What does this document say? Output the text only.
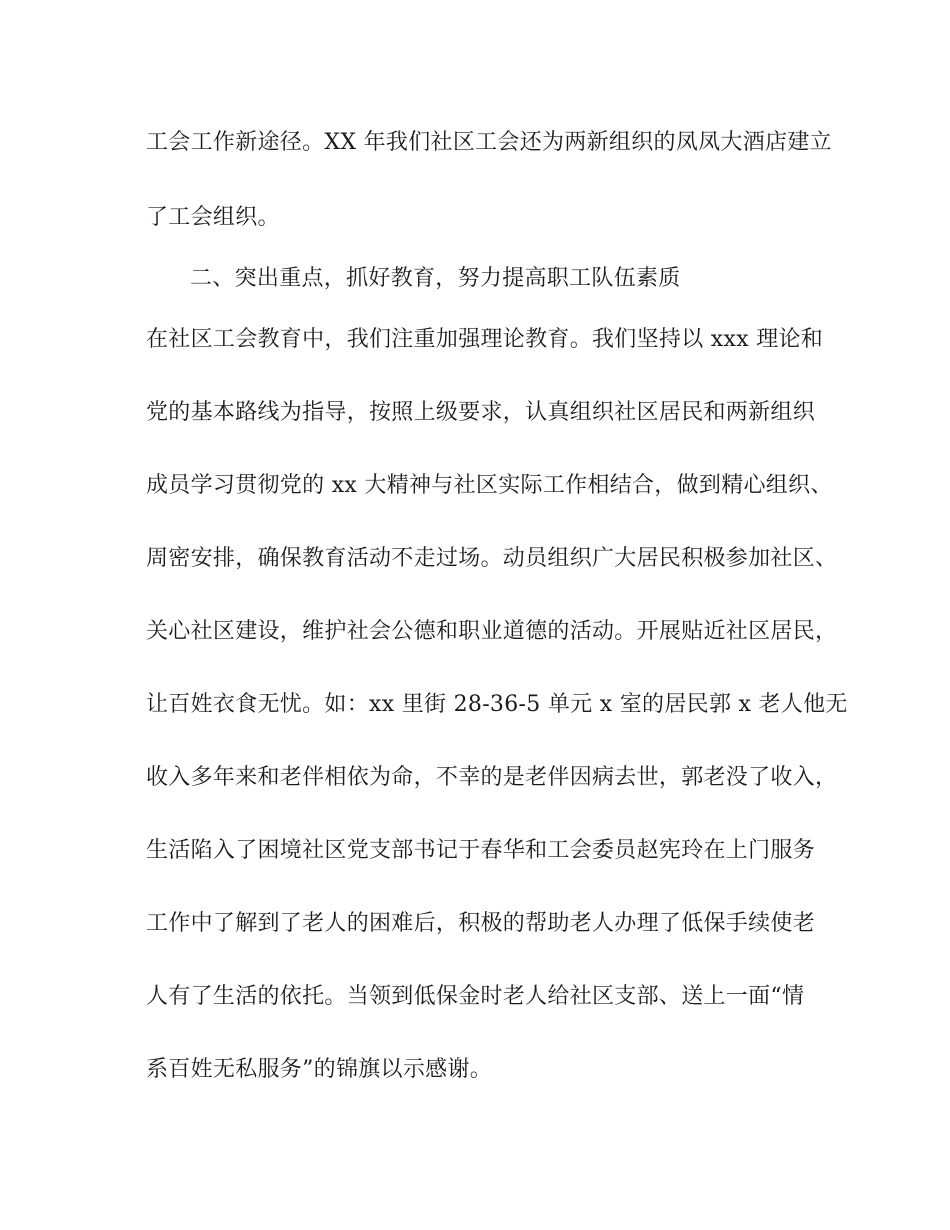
工会工作新途径。XX 年我们社区工会还为两新组织的凤凤大酒店建立

了工会组织。

二、突出重点，抓好教育，努力提高职工队伍素质

在社区工会教育中，我们注重加强理论教育。我们坚持以 xxx 理论和

党的基本路线为指导，按照上级要求，认真组织社区居民和两新组织

成员学习贯彻党的 xx 大精神与社区实际工作相结合，做到精心组织、

周密安排，确保教育活动不走过场。动员组织广大居民积极参加社区、

关心社区建设，维护社会公德和职业道德的活动。开展贴近社区居民，

让百姓衣食无忧。如：xx 里街 28-36-5 单元 x 室的居民郭 x 老人他无

收入多年来和老伴相依为命，不幸的是老伴因病去世，郭老没了收入，

生活陷入了困境社区党支部书记于春华和工会委员赵宪玲在上门服务

工作中了解到了老人的困难后，积极的帮助老人办理了低保手续使老

人有了生活的依托。当领到低保金时老人给社区支部、送上一面“情

系百姓无私服务”的锦旗以示感谢。
